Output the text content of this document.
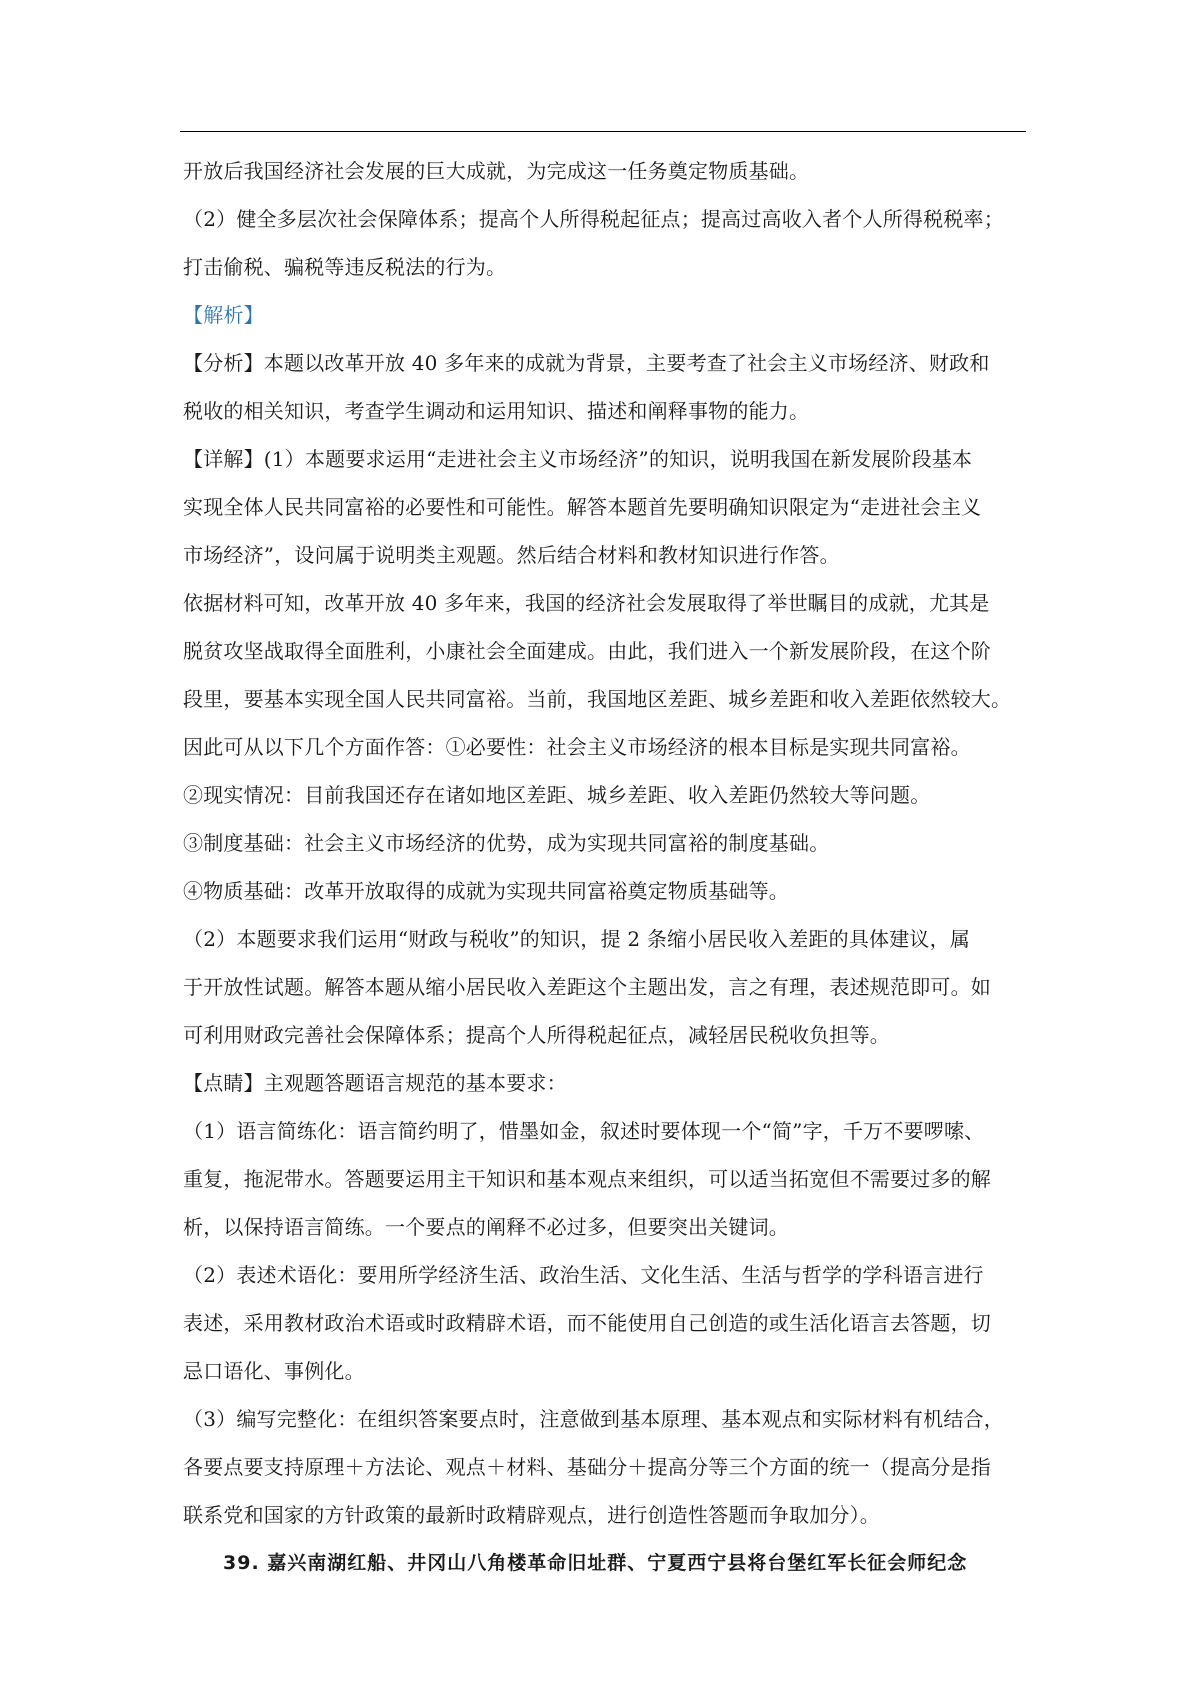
开放后我国经济社会发展的巨大成就，为完成这一任务奠定物质基础。
（2）健全多层次社会保障体系；提高个人所得税起征点；提高过高收入者个人所得税税率；
打击偷税、骗税等违反税法的行为。
【解析】
【分析】本题以改革开放 40 多年来的成就为背景，主要考查了社会主义市场经济、财政和
税收的相关知识，考查学生调动和运用知识、描述和阐释事物的能力。
【详解】(1）本题要求运用“走进社会主义市场经济”的知识，说明我国在新发展阶段基本
实现全体人民共同富裕的必要性和可能性。解答本题首先要明确知识限定为“走进社会主义
市场经济”，设问属于说明类主观题。然后结合材料和教材知识进行作答。
依据材料可知，改革开放 40 多年来，我国的经济社会发展取得了举世瞩目的成就，尤其是
脱贫攻坚战取得全面胜利，小康社会全面建成。由此，我们进入一个新发展阶段，在这个阶
段里，要基本实现全国人民共同富裕。当前，我国地区差距、城乡差距和收入差距依然较大。
因此可从以下几个方面作答：①必要性：社会主义市场经济的根本目标是实现共同富裕。
②现实情况：目前我国还存在诸如地区差距、城乡差距、收入差距仍然较大等问题。
③制度基础：社会主义市场经济的优势，成为实现共同富裕的制度基础。
④物质基础：改革开放取得的成就为实现共同富裕奠定物质基础等。
（2）本题要求我们运用“财政与税收”的知识，提 2 条缩小居民收入差距的具体建议，属
于开放性试题。解答本题从缩小居民收入差距这个主题出发，言之有理，表述规范即可。如
可利用财政完善社会保障体系；提高个人所得税起征点，减轻居民税收负担等。
【点睛】主观题答题语言规范的基本要求：
（1）语言简练化：语言简约明了，惜墨如金，叙述时要体现一个“简”字，千万不要啰嗦、
重复，拖泥带水。答题要运用主干知识和基本观点来组织，可以适当拓宽但不需要过多的解
析，以保持语言简练。一个要点的阐释不必过多，但要突出关键词。
（2）表述术语化：要用所学经济生活、政治生活、文化生活、生活与哲学的学科语言进行
表述，采用教材政治术语或时政精辟术语，而不能使用自己创造的或生活化语言去答题，切
忌口语化、事例化。
（3）编写完整化：在组织答案要点时，注意做到基本原理、基本观点和实际材料有机结合，
各要点要支持原理＋方法论、观点＋材料、基础分＋提高分等三个方面的统一（提高分是指
联系党和国家的方针政策的最新时政精辟观点，进行创造性答题而争取加分）。
39. 嘉兴南湖红船、井冈山八角楼革命旧址群、宁夏西宁县将台堡红军长征会师纪念
